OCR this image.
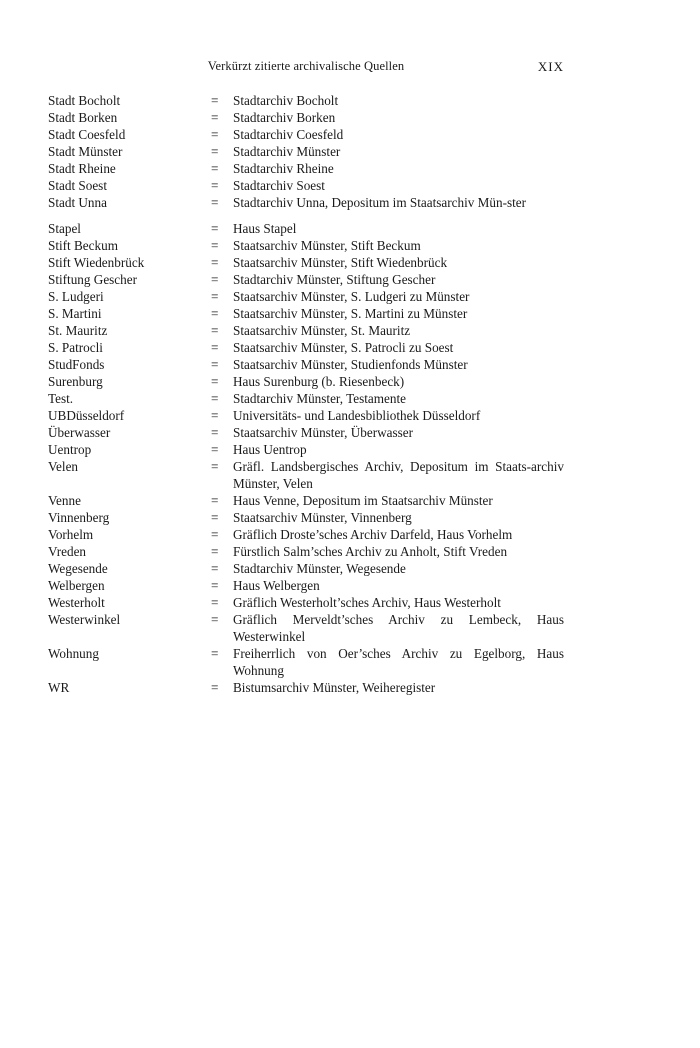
Verkürzt zitierte archivalische Quellen	XIX
Stadt Bocholt	=	Stadtarchiv Bocholt
Stadt Borken	=	Stadtarchiv Borken
Stadt Coesfeld	=	Stadtarchiv Coesfeld
Stadt Münster	=	Stadtarchiv Münster
Stadt Rheine	=	Stadtarchiv Rheine
Stadt Soest	=	Stadtarchiv Soest
Stadt Unna	=	Stadtarchiv Unna, Depositum im Staatsarchiv Mün-ster
Stapel	=	Haus Stapel
Stift Beckum	=	Staatsarchiv Münster, Stift Beckum
Stift Wiedenbrück	=	Staatsarchiv Münster, Stift Wiedenbrück
Stiftung Gescher	=	Stadtarchiv Münster, Stiftung Gescher
S. Ludgeri	=	Staatsarchiv Münster, S. Ludgeri zu Münster
S. Martini	=	Staatsarchiv Münster, S. Martini zu Münster
St. Mauritz	=	Staatsarchiv Münster, St. Mauritz
S. Patrocli	=	Staatsarchiv Münster, S. Patrocli zu Soest
StudFonds	=	Staatsarchiv Münster, Studienfonds Münster
Surenburg	=	Haus Surenburg (b. Riesenbeck)
Test.	=	Stadtarchiv Münster, Testamente
UBDüsseldorf	=	Universitäts- und Landesbibliothek Düsseldorf
Überwasser	=	Staatsarchiv Münster, Überwasser
Uentrop	=	Haus Uentrop
Velen	=	Gräfl. Landsbergisches Archiv, Depositum im Staats-archiv Münster, Velen
Venne	=	Haus Venne, Depositum im Staatsarchiv Münster
Vinnenberg	=	Staatsarchiv Münster, Vinnenberg
Vorhelm	=	Gräflich Droste’sches Archiv Darfeld, Haus Vorhelm
Vreden	=	Fürstlich Salm’sches Archiv zu Anholt, Stift Vreden
Wegesende	=	Stadtarchiv Münster, Wegesende
Welbergen	=	Haus Welbergen
Westerholt	=	Gräflich Westerholt’sches Archiv, Haus Westerholt
Westerwinkel	=	Gräflich Merveldt’sches Archiv zu Lembeck, Haus Westerwinkel
Wohnung	=	Freiherrlich von Oer’sches Archiv zu Egelborg, Haus Wohnung
WR	=	Bistumsarchiv Münster, Weiheregister
